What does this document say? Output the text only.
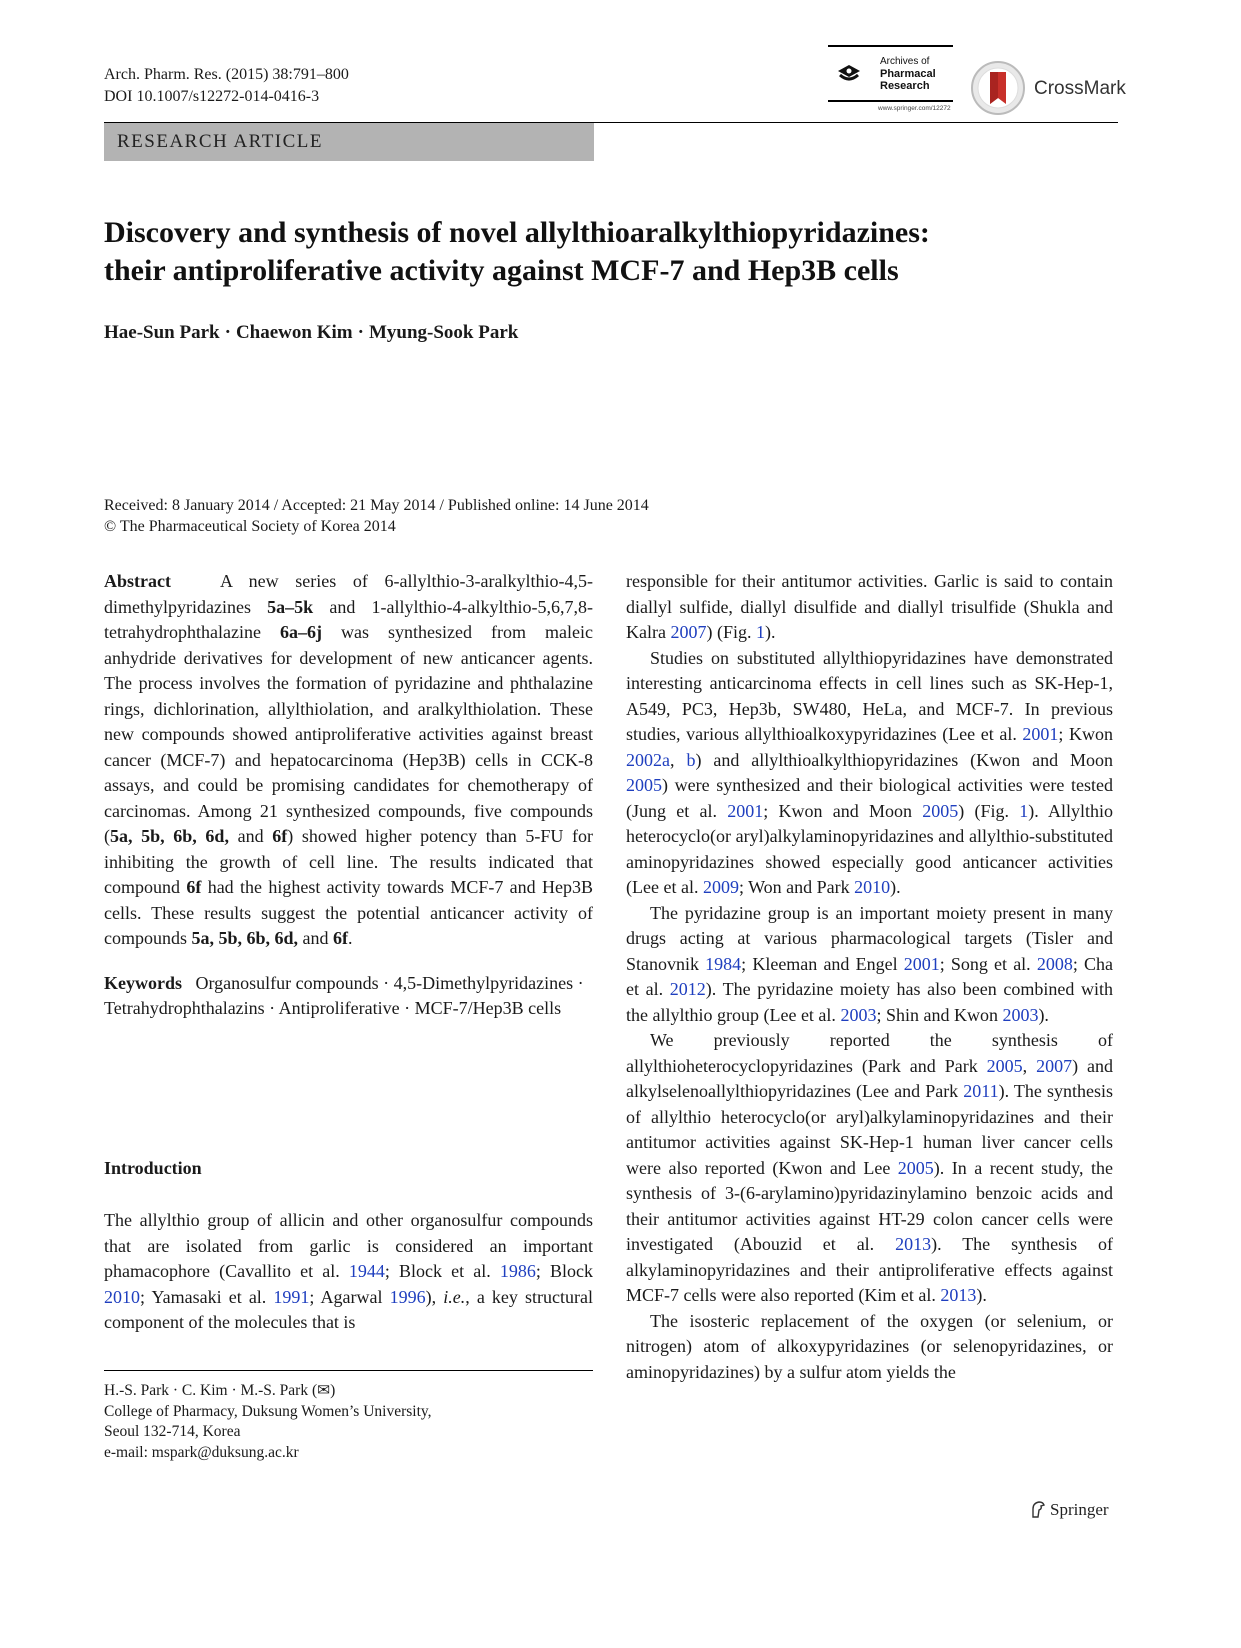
Arch. Pharm. Res. (2015) 38:791–800
DOI 10.1007/s12272-014-0416-3
Archives of
Pharmacal
Research
www.springer.com/12272
CrossMark
RESEARCH ARTICLE
Discovery and synthesis of novel allylthioaralkylthiopyridazines:
their antiproliferative activity against MCF-7 and Hep3B cells
Hae-Sun Park · Chaewon Kim · Myung-Sook Park
Received: 8 January 2014 / Accepted: 21 May 2014 / Published online: 14 June 2014
© The Pharmaceutical Society of Korea 2014

Abstract	A new series of 6-allylthio-3-aralkylthio-4,5-dimethylpyridazines 5a–5k and 1-allylthio-4-alkylthio-5,6,7,8-tetrahydrophthalazine 6a–6j was synthesized from maleic anhydride derivatives for development of new anticancer agents. The process involves the formation of pyridazine and phthalazine rings, dichlorination, allylthiolation, and aralkylthiolation. These new compounds showed antiproliferative activities against breast cancer (MCF-7) and hepatocarcinoma (Hep3B) cells in CCK-8 assays, and could be promising candidates for chemotherapy of carcinomas. Among 21 synthesized compounds, five compounds (5a, 5b, 6b, 6d, and 6f) showed higher potency than 5-FU for inhibiting the growth of cell line. The results indicated that compound 6f had the highest activity towards MCF-7 and Hep3B cells. These results suggest the potential anticancer activity of compounds 5a, 5b, 6b, 6d, and 6f.

Keywords Organosulfur compounds · 4,5-Dimethylpyridazines · Tetrahydrophthalazins · Antiproliferative · MCF-7/Hep3B cells

Introduction

The allylthio group of allicin and other organosulfur compounds that are isolated from garlic is considered an important phamacophore (Cavallito et al. 1944; Block et al. 1986; Block 2010; Yamasaki et al. 1991; Agarwal 1996), i.e., a key structural component of the molecules that is

H.-S. Park · C. Kim · M.-S. Park (✉)
College of Pharmacy, Duksung Women’s University,
Seoul 132-714, Korea
e-mail: mspark@duksung.ac.kr

responsible for their antitumor activities. Garlic is said to contain diallyl sulfide, diallyl disulfide and diallyl trisulfide (Shukla and Kalra 2007) (Fig. 1).

Studies on substituted allylthiopyridazines have demonstrated interesting anticarcinoma effects in cell lines such as SK-Hep-1, A549, PC3, Hep3b, SW480, HeLa, and MCF-7. In previous studies, various allylthioalkoxypyridazines (Lee et al. 2001; Kwon 2002a, b) and allylthioalkylthiopyridazines (Kwon and Moon 2005) were synthesized and their biological activities were tested (Jung et al. 2001; Kwon and Moon 2005) (Fig. 1). Allylthio heterocyclo(or aryl)alkylaminopyridazines and allylthio-substituted aminopyridazines showed especially good anticancer activities (Lee et al. 2009; Won and Park 2010).

The pyridazine group is an important moiety present in many drugs acting at various pharmacological targets (Tisler and Stanovnik 1984; Kleeman and Engel 2001; Song et al. 2008; Cha et al. 2012). The pyridazine moiety has also been combined with the allylthio group (Lee et al. 2003; Shin and Kwon 2003).

We previously reported the synthesis of allylthioheterocyclopyridazines (Park and Park 2005, 2007) and alkylselenoallylthiopyridazines (Lee and Park 2011). The synthesis of allylthio heterocyclo(or aryl)alkylaminopyridazines and their antitumor activities against SK-Hep-1 human liver cancer cells were also reported (Kwon and Lee 2005). In a recent study, the synthesis of 3-(6-arylamino)pyridazinylamino benzoic acids and their antitumor activities against HT-29 colon cancer cells were investigated (Abouzid et al. 2013). The synthesis of alkylaminopyridazines and their antiproliferative effects against MCF-7 cells were also reported (Kim et al. 2013).

The isosteric replacement of the oxygen (or selenium, or nitrogen) atom of alkoxypyridazines (or selenopyridazines, or aminopyridazines) by a sulfur atom yields the

Springer
